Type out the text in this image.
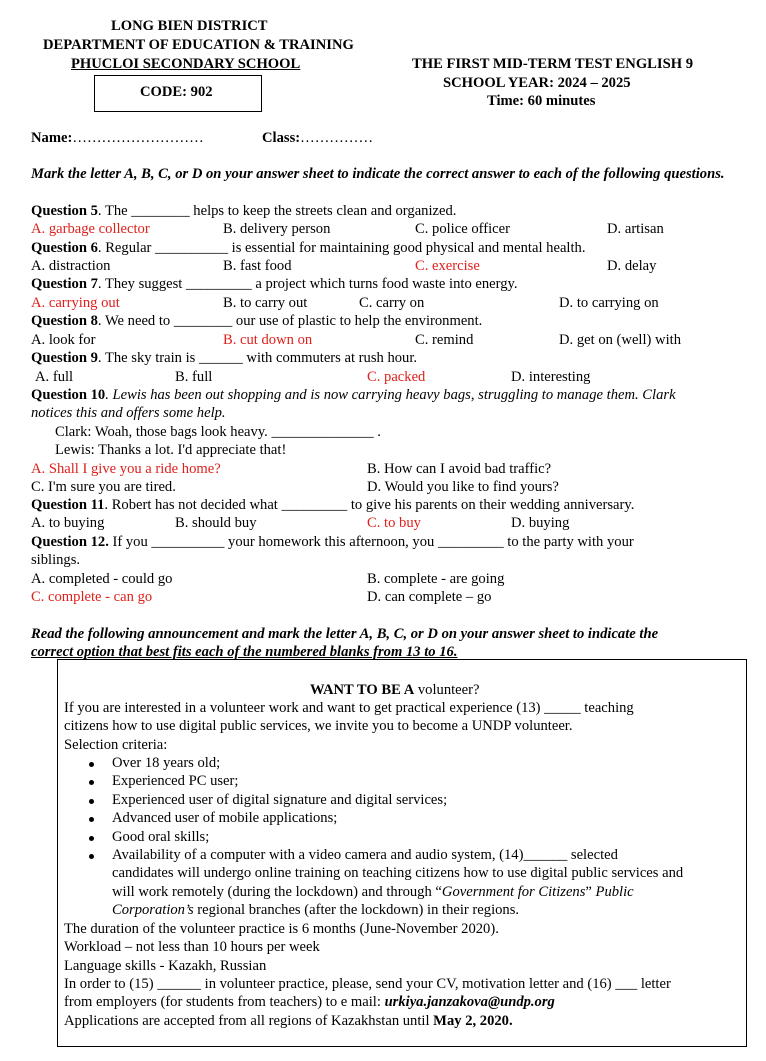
LONG BIEN DISTRICT
DEPARTMENT OF EDUCATION & TRAINING
PHUCLOI SECONDARY SCHOOL
CODE: 902
THE FIRST MID-TERM TEST ENGLISH 9
SCHOOL YEAR: 2024 – 2025
Time: 60 minutes
Name:………………………	Class:……………
Mark the letter A, B, C, or D on your answer sheet to indicate the correct answer to each of the following questions.
Question 5. The ________ helps to keep the streets clean and organized.
A. garbage collector	B. delivery person	C. police officer	D. artisan
Question 6. Regular __________ is essential for maintaining good physical and mental health.
A. distraction	B. fast food	C. exercise	D. delay
Question 7. They suggest _________ a project which turns food waste into energy.
A. carrying out	B. to carry out	C. carry on	D. to carrying on
Question 8. We need to ________ our use of plastic to help the environment.
A. look for	B. cut down on	C. remind	D. get on (well) with
Question 9. The sky train is ______ with commuters at rush hour.
A. full	B. full	C. packed	D. interesting
Question 10. Lewis has been out shopping and is now carrying heavy bags, struggling to manage them. Clark
notices this and offers some help.
Clark: Woah, those bags look heavy. ______________ .
Lewis: Thanks a lot. I'd appreciate that!
A. Shall I give you a ride home?	B. How can I avoid bad traffic?
C. I'm sure you are tired.	D. Would you like to find yours?
Question 11. Robert has not decided what _________ to give his parents on their wedding anniversary.
A. to buying	B. should buy	C. to buy	D. buying
Question 12. If you __________ your homework this afternoon, you _________ to the party with your
siblings.
A. completed - could go	B. complete - are going
C. complete - can go	D. can complete – go
Read the following announcement and mark the letter A, B, C, or D on your answer sheet to indicate the
correct option that best fits each of the numbered blanks from 13 to 16.
WANT TO BE A volunteer?
If you are interested in a volunteer work and want to get practical experience (13) _____ teaching
citizens how to use digital public services, we invite you to become a UNDP volunteer.
Selection criteria:
Over 18 years old;
Experienced PC user;
Experienced user of digital signature and digital services;
Advanced user of mobile applications;
Good oral skills;
Availability of a computer with a video camera and audio system, (14)______ selected
candidates will undergo online training on teaching citizens how to use digital public services and
will work remotely (during the lockdown) and through “Government for Citizens” Public
Corporation’s regional branches (after the lockdown) in their regions.
The duration of the volunteer practice is 6 months (June-November 2020).
Workload – not less than 10 hours per week
Language skills - Kazakh, Russian
In order to (15) ______ in volunteer practice, please, send your CV, motivation letter and (16) ___ letter
from employers (for students from teachers) to e mail: urkiya.janzakova@undp.org
Applications are accepted from all regions of Kazakhstan until May 2, 2020.
